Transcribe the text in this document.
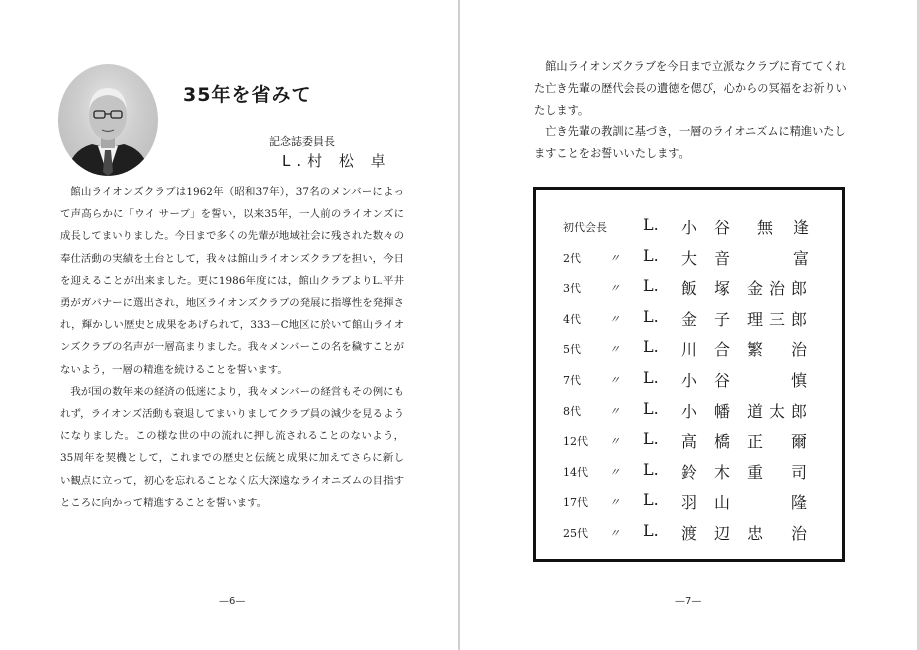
35年を省みて
記念誌委員長
L.村 松 卓

館山ライオンズクラブは1962年（昭和37年），37名のメンバーによって声高らかに「ウイ サーブ」を誓い，以来35年，一人前のライオンズに成長してまいりました。今日まで多くの先輩が地域社会に残された数々の奉仕活動の実績を土台として，我々は館山ライオンズクラブを担い，今日を迎えることが出来ました。更に1986年度には，館山クラブよりL.平井 勇がガバナーに選出され，地区ライオンズクラブの発展に指導性を発揮され，輝かしい歴史と成果をあげられて，333－C地区に於いて館山ライオンズクラブの名声が一層高まりました。我々メンバーこの名を穢すことがないよう，一層の精進を続けることを誓います。

我が国の数年来の経済の低迷により，我々メンバーの経営もその例にもれず，ライオンズ活動も衰退してまいりましてクラブ員の減少を見るようになりました。この様な世の中の流れに押し流されることのないよう，35周年を契機として，これまでの歴史と伝統と成果に加えてさらに新しい観点に立って，初心を忘れることなく広大深遠なライオニズムの目指すところに向かって精進することを誓います。

—6—

館山ライオンズクラブを今日まで立派なクラブに育ててくれた亡き先輩の歴代会長の遺徳を偲び，心からの冥福をお祈りいたします。

亡き先輩の教訓に基づき，一層のライオニズムに精進いたしますことをお誓いいたします。

初代会長 L. 小 谷 無 逢
2代	〃 L. 大 音	富
3代	〃 L. 飯 塚 金 治 郎
4代	〃 L. 金 子 理 三 郎
5代	〃 L. 川 合 繁 治
7代	〃 L. 小 谷	慎
8代	〃 L. 小 幡 道 太 郎
12代 〃 L. 高 橋 正 爾
14代 〃 L. 鈴 木 重 司
17代 〃 L. 羽 山	隆
25代 〃 L. 渡 辺 忠 治
—7—
